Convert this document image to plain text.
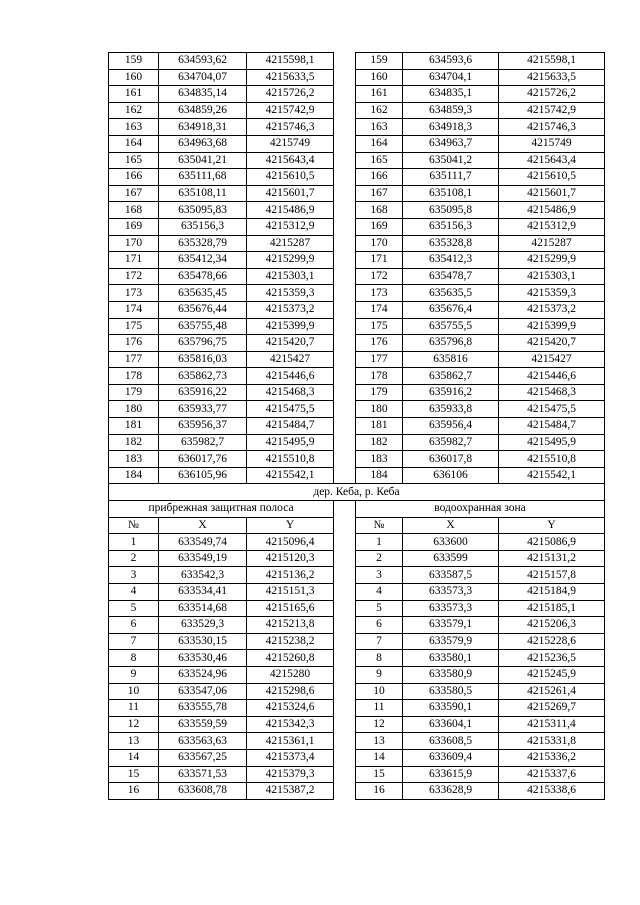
159	634593,62	4215598,1		159	634593,6	4215598,1
160	634704,07	4215633,5		160	634704,1	4215633,5
161	634835,14	4215726,2		161	634835,1	4215726,2
162	634859,26	4215742,9		162	634859,3	4215742,9
163	634918,31	4215746,3		163	634918,3	4215746,3
164	634963,68	4215749		164	634963,7	4215749
165	635041,21	4215643,4		165	635041,2	4215643,4
166	635111,68	4215610,5		166	635111,7	4215610,5
167	635108,11	4215601,7		167	635108,1	4215601,7
168	635095,83	4215486,9		168	635095,8	4215486,9
169	635156,3	4215312,9		169	635156,3	4215312,9
170	635328,79	4215287		170	635328,8	4215287
171	635412,34	4215299,9		171	635412,3	4215299,9
172	635478,66	4215303,1		172	635478,7	4215303,1
173	635635,45	4215359,3		173	635635,5	4215359,3
174	635676,44	4215373,2		174	635676,4	4215373,2
175	635755,48	4215399,9		175	635755,5	4215399,9
176	635796,75	4215420,7		176	635796,8	4215420,7
177	635816,03	4215427		177	635816	4215427
178	635862,73	4215446,6		178	635862,7	4215446,6
179	635916,22	4215468,3		179	635916,2	4215468,3
180	635933,77	4215475,5		180	635933,8	4215475,5
181	635956,37	4215484,7		181	635956,4	4215484,7
182	635982,7	4215495,9		182	635982,7	4215495,9
183	636017,76	4215510,8		183	636017,8	4215510,8
184	636105,96	4215542,1		184	636106	4215542,1
дер. Кеба, р. Кеба						
прибрежная защитная полоса				водоохранная зона		
№	X	Y		№	X	Y
1	633549,74	4215096,4		1	633600	4215086,9
2	633549,19	4215120,3		2	633599	4215131,2
3	633542,3	4215136,2		3	633587,5	4215157,8
4	633534,41	4215151,3		4	633573,3	4215184,9
5	633514,68	4215165,6		5	633573,3	4215185,1
6	633529,3	4215213,8		6	633579,1	4215206,3
7	633530,15	4215238,2		7	633579,9	4215228,6
8	633530,46	4215260,8		8	633580,1	4215236,5
9	633524,96	4215280		9	633580,9	4215245,9
10	633547,06	4215298,6		10	633580,5	4215261,4
11	633555,78	4215324,6		11	633590,1	4215269,7
12	633559,59	4215342,3		12	633604,1	4215311,4
13	633563,63	4215361,1		13	633608,5	4215331,8
14	633567,25	4215373,4		14	633609,4	4215336,2
15	633571,53	4215379,3		15	633615,9	4215337,6
16	633608,78	4215387,2		16	633628,9	4215338,6
